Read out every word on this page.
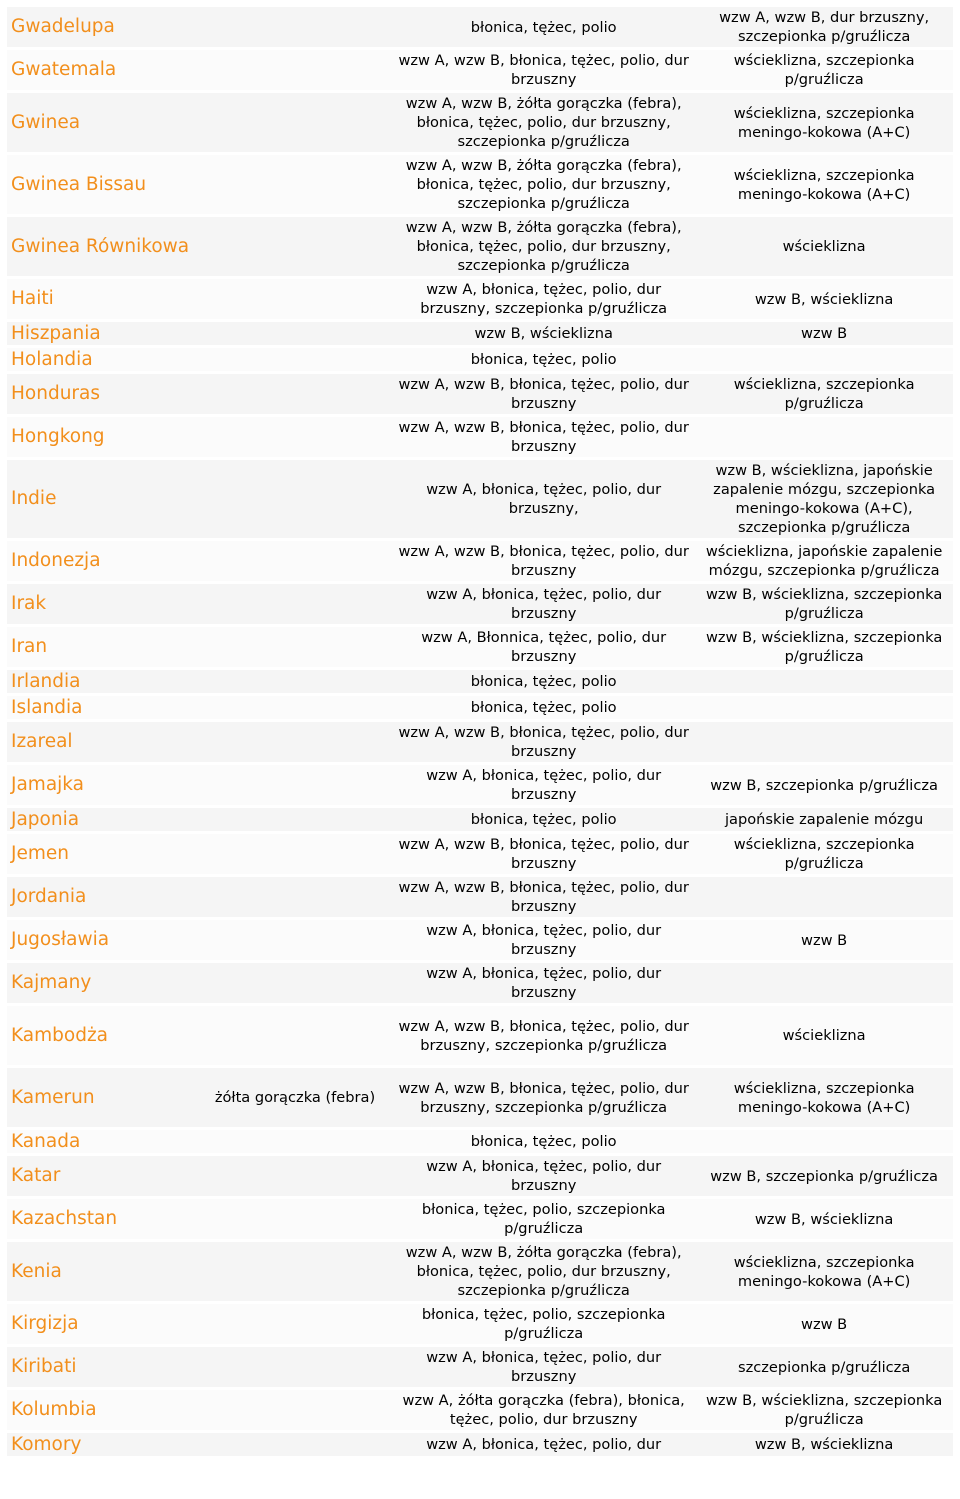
Gwadelupa		błonica, tężec, polio	wzw A, wzw B, dur brzuszny, szczepionka p/gruźlicza
Gwatemala		wzw A, wzw B, błonica, tężec, polio, dur brzuszny	wścieklizna, szczepionka p/gruźlicza
Gwinea		wzw A, wzw B, żółta gorączka (febra), błonica, tężec, polio, dur brzuszny, szczepionka p/gruźlicza	wścieklizna, szczepionka meningo-kokowa (A+C)
Gwinea Bissau		wzw A, wzw B, żółta gorączka (febra), błonica, tężec, polio, dur brzuszny, szczepionka p/gruźlicza	wścieklizna, szczepionka meningo-kokowa (A+C)
Gwinea Równikowa		wzw A, wzw B, żółta gorączka (febra), błonica, tężec, polio, dur brzuszny, szczepionka p/gruźlicza	wścieklizna
Haiti		wzw A, błonica, tężec, polio, dur brzuszny, szczepionka p/gruźlicza	wzw B, wścieklizna
Hiszpania		wzw B, wścieklizna	wzw B
Holandia		błonica, tężec, polio	
Honduras		wzw A, wzw B, błonica, tężec, polio, dur brzuszny	wścieklizna, szczepionka p/gruźlicza
Hongkong		wzw A, wzw B, błonica, tężec, polio, dur brzuszny	
Indie		wzw A, błonica, tężec, polio, dur brzuszny,	wzw B, wścieklizna, japońskie zapalenie mózgu, szczepionka meningo-kokowa (A+C), szczepionka p/gruźlicza
Indonezja		wzw A, wzw B, błonica, tężec, polio, dur brzuszny	wścieklizna, japońskie zapalenie mózgu, szczepionka p/gruźlicza
Irak		wzw A, błonica, tężec, polio, dur brzuszny	wzw B, wścieklizna, szczepionka p/gruźlicza
Iran		wzw A, Błonnica, tężec, polio, dur brzuszny	wzw B, wścieklizna, szczepionka p/gruźlicza
Irlandia		błonica, tężec, polio	
Islandia		błonica, tężec, polio	
Izareal		wzw A, wzw B, błonica, tężec, polio, dur brzuszny	
Jamajka		wzw A, błonica, tężec, polio, dur brzuszny	wzw B, szczepionka p/gruźlicza
Japonia		błonica, tężec, polio	japońskie zapalenie mózgu
Jemen		wzw A, wzw B, błonica, tężec, polio, dur brzuszny	wścieklizna, szczepionka p/gruźlicza
Jordania		wzw A, wzw B, błonica, tężec, polio, dur brzuszny	
Jugosławia		wzw A, błonica, tężec, polio, dur brzuszny	wzw B
Kajmany		wzw A, błonica, tężec, polio, dur brzuszny	
Kambodża		wzw A, wzw B, błonica, tężec, polio, dur brzuszny, szczepionka p/gruźlicza	wścieklizna
Kamerun	żółta gorączka (febra)	wzw A, wzw B, błonica, tężec, polio, dur brzuszny, szczepionka p/gruźlicza	wścieklizna, szczepionka meningo-kokowa (A+C)
Kanada		błonica, tężec, polio	
Katar		wzw A, błonica, tężec, polio, dur brzuszny	wzw B, szczepionka p/gruźlicza
Kazachstan		błonica, tężec, polio, szczepionka p/gruźlicza	wzw B, wścieklizna
Kenia		wzw A, wzw B, żółta gorączka (febra), błonica, tężec, polio, dur brzuszny, szczepionka p/gruźlicza	wścieklizna, szczepionka meningo-kokowa (A+C)
Kirgizja		błonica, tężec, polio, szczepionka p/gruźlicza	wzw B
Kiribati		wzw A, błonica, tężec, polio, dur brzuszny	szczepionka p/gruźlicza
Kolumbia		wzw A, żółta gorączka (febra), błonica, tężec, polio, dur brzuszny	wzw B, wścieklizna, szczepionka p/gruźlicza
Komory		wzw A, błonica, tężec, polio, dur	wzw B, wścieklizna
